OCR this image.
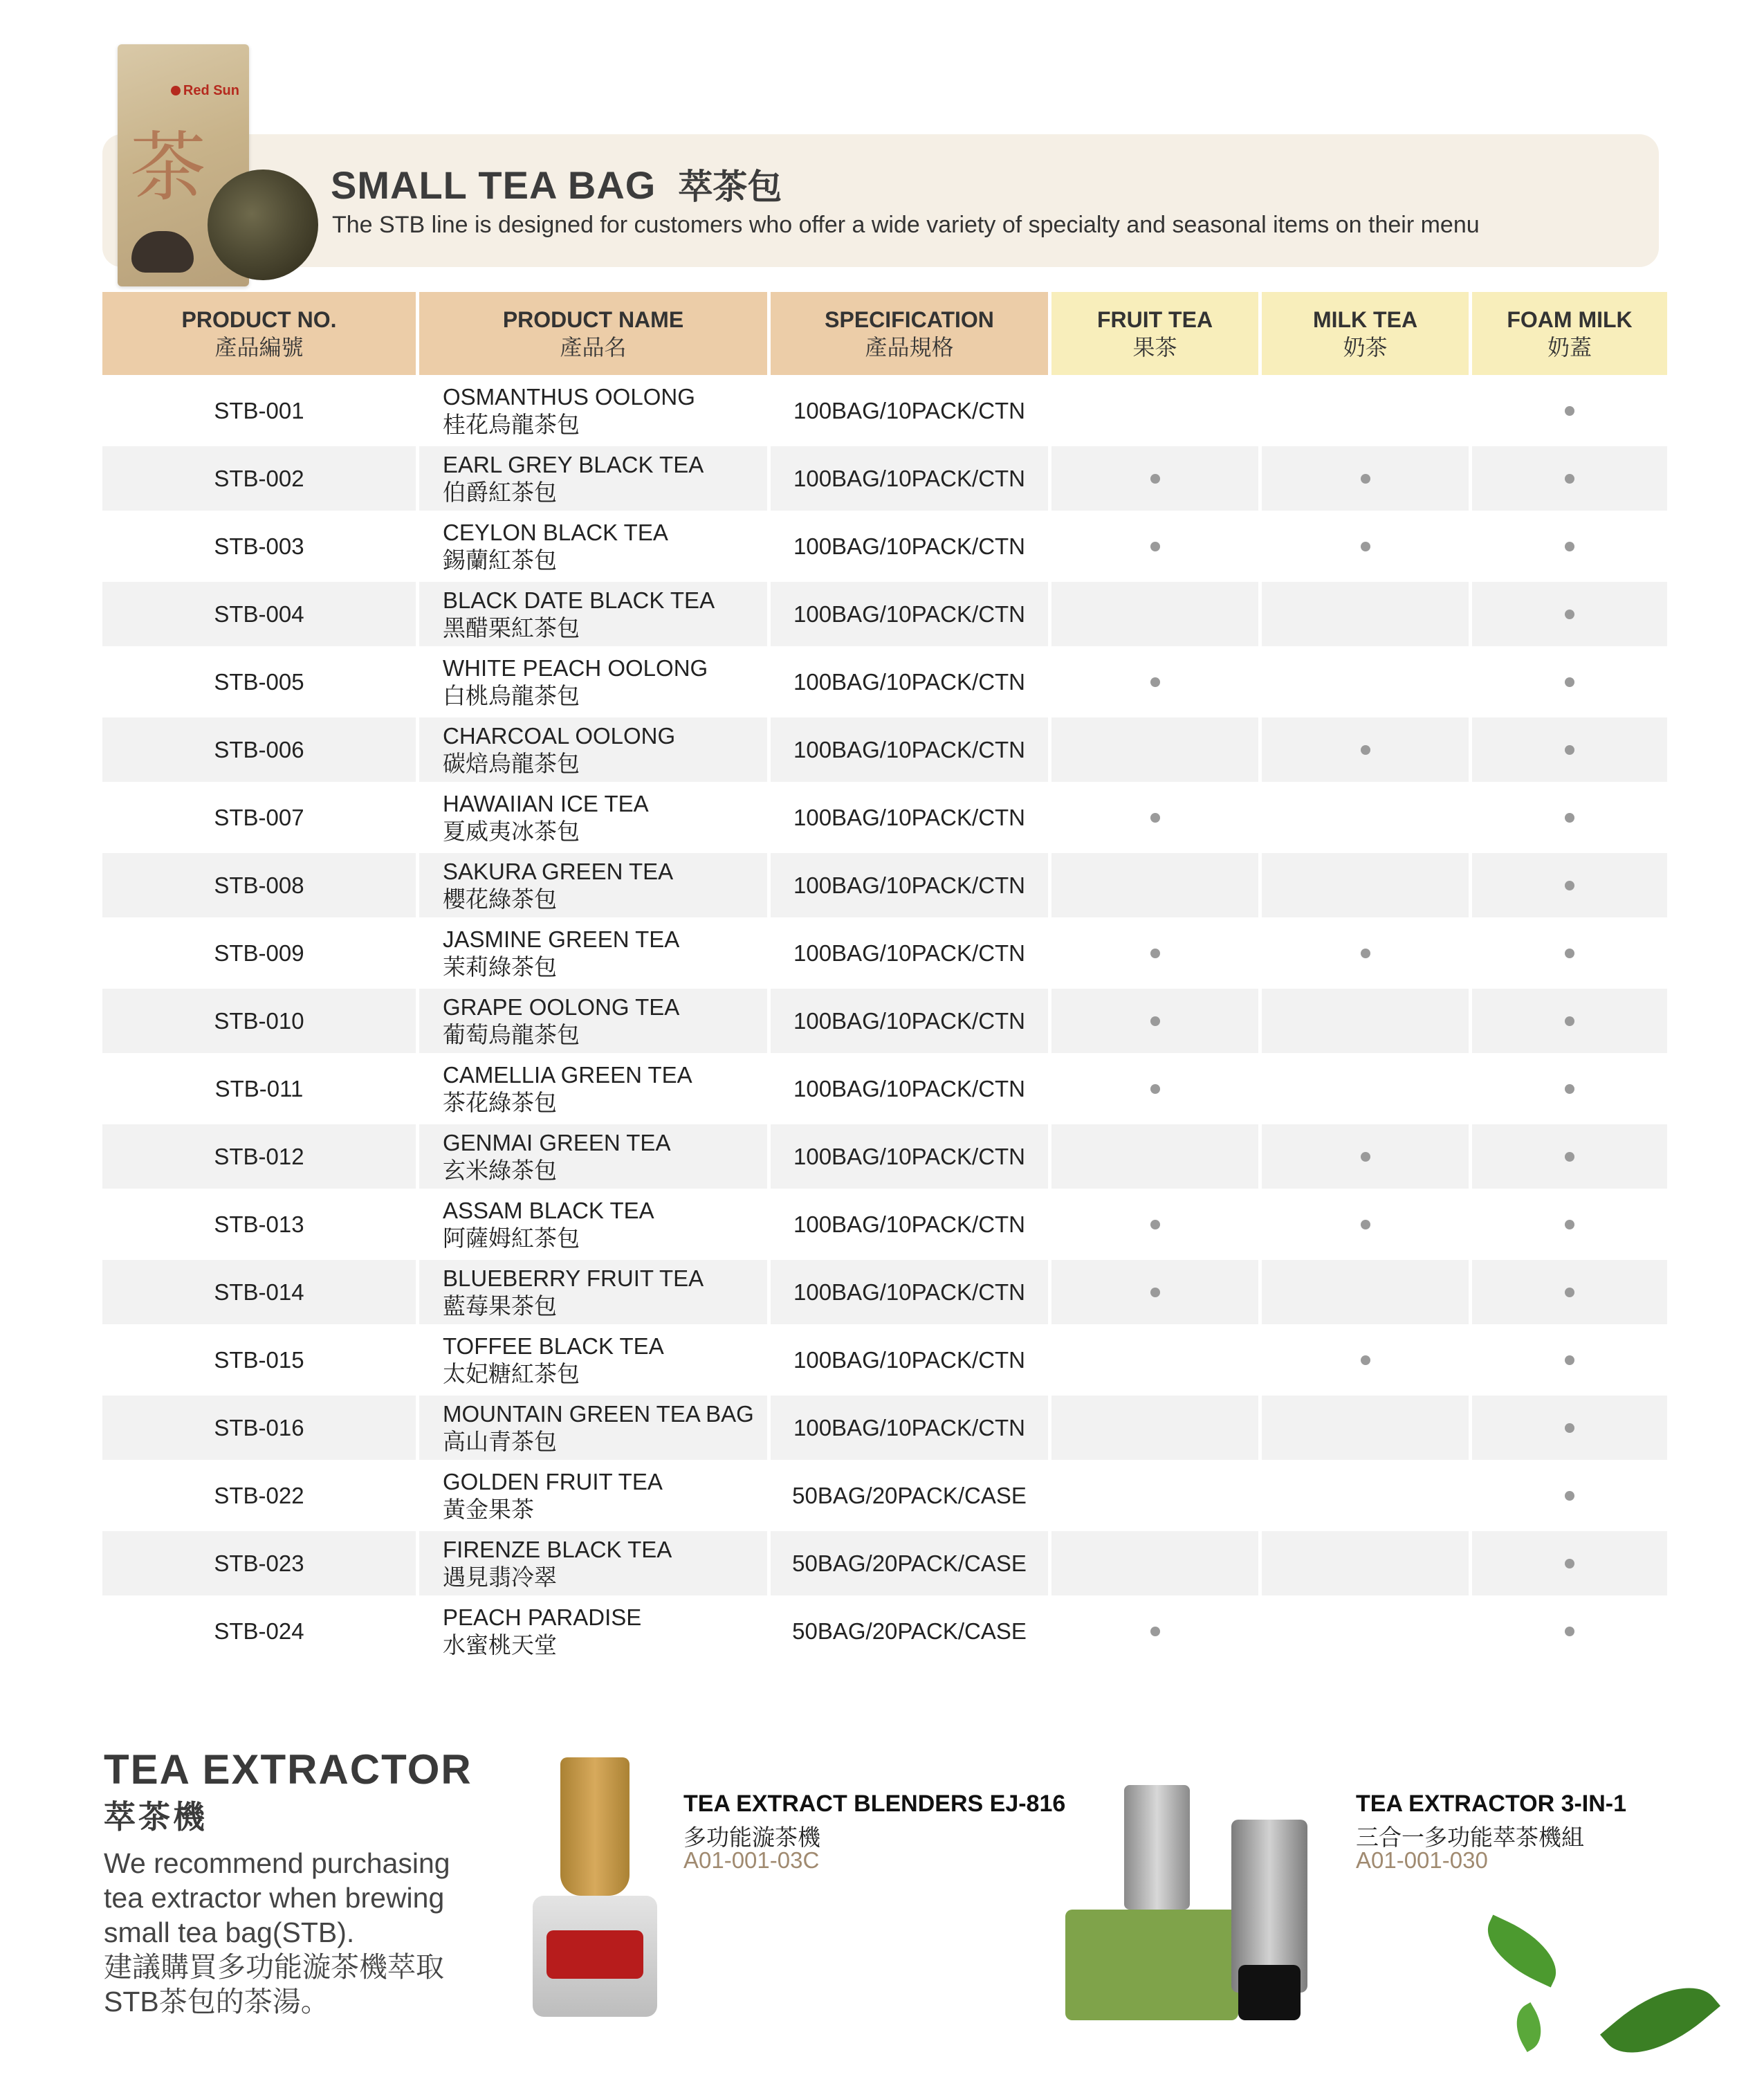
Red Sun
茶	SMALL TEA BAG 萃茶包
The STB line is designed for customers who offer a wide variety of specialty and seasonal items on their menu
PRODUCT NO.
產品編號
PRODUCT NAME
產品名
SPECIFICATION
產品規格
FRUIT TEA
果茶
MILK TEA
奶茶
FOAM MILK
奶蓋
STB-001
OSMANTHUS OOLONG
桂花烏龍茶包
100BAG/10PACK/CTN
STB-002
EARL GREY BLACK TEA
伯爵紅茶包
100BAG/10PACK/CTN
STB-003
CEYLON BLACK TEA
錫蘭紅茶包
100BAG/10PACK/CTN
STB-004
BLACK DATE BLACK TEA
黑醋栗紅茶包
100BAG/10PACK/CTN
STB-005
WHITE PEACH OOLONG
白桃烏龍茶包
100BAG/10PACK/CTN
STB-006
CHARCOAL OOLONG
碳焙烏龍茶包
100BAG/10PACK/CTN
STB-007
HAWAIIAN ICE TEA
夏威夷冰茶包
100BAG/10PACK/CTN
STB-008
SAKURA GREEN TEA
櫻花綠茶包
100BAG/10PACK/CTN
STB-009
JASMINE GREEN TEA
茉莉綠茶包
100BAG/10PACK/CTN
STB-010
GRAPE OOLONG TEA
葡萄烏龍茶包
100BAG/10PACK/CTN
STB-011
CAMELLIA GREEN TEA
茶花綠茶包
100BAG/10PACK/CTN
STB-012
GENMAI GREEN TEA
玄米綠茶包
100BAG/10PACK/CTN
STB-013
ASSAM BLACK TEA
阿薩姆紅茶包
100BAG/10PACK/CTN
STB-014
BLUEBERRY FRUIT TEA
藍莓果茶包
100BAG/10PACK/CTN
STB-015
TOFFEE BLACK TEA
太妃糖紅茶包
100BAG/10PACK/CTN
STB-016
MOUNTAIN GREEN TEA BAG
高山青茶包
100BAG/10PACK/CTN
STB-022
GOLDEN FRUIT TEA
黃金果茶
50BAG/20PACK/CASE
STB-023
FIRENZE BLACK TEA
遇見翡冷翠
50BAG/20PACK/CASE
STB-024
PEACH PARADISE
水蜜桃天堂
50BAG/20PACK/CASE
TEA EXTRACTOR
萃茶機
We recommend purchasing tea extractor when brewing small tea bag(STB).
建議購買多功能漩茶機萃取STB茶包的茶湯。
TEA EXTRACT BLENDERS EJ-816
多功能漩茶機
A01-001-03C
TEA EXTRACTOR 3-IN-1
三合一多功能萃茶機組
A01-001-030
